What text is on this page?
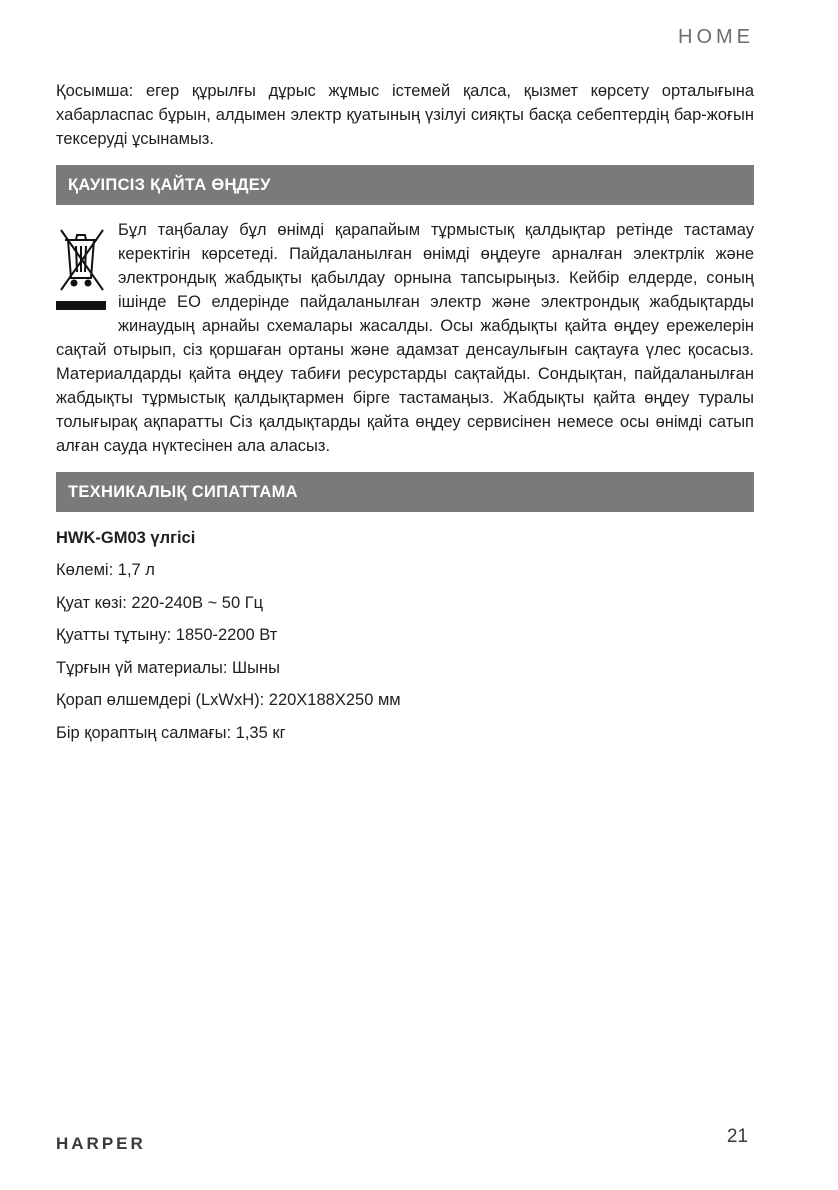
HOME

Қосымша: егер құрылғы дұрыс жұмыс істемей қалса, қызмет көрсету орталығына хабарласпас бұрын, алдымен электр қуатының үзілуі сияқты басқа себептердің бар-жоғын тексеруді ұсынамыз.

ҚАУІПСІЗ ҚАЙТА ӨҢДЕУ

Бұл таңбалау бұл өнімді қарапайым тұрмыстық қалдықтар ретінде тастамау керектігін көрсетеді. Пайдаланылған өнімді өңдеуге арналған электрлік және электрондық жабдықты қабылдау орнына тапсырыңыз. Кейбір елдерде, соның ішінде ЕО елдерінде пайдаланылған электр және электрондық жабдықтарды жинаудың арнайы схемалары жасалды. Осы жабдықты қайта өңдеу ережелерін сақтай отырып, сіз қоршаған ортаны және адамзат денсаулығын сақтауға үлес қосасыз. Материалдарды қайта өңдеу табиғи ресурстарды сақтайды. Сондықтан, пайдаланылған жабдықты тұрмыстық қалдықтармен бірге тастамаңыз. Жабдықты қайта өңдеу туралы толығырақ ақпаратты Сіз қалдықтарды қайта өңдеу сервисінен немесе осы өнімді сатып алған сауда нүктесінен ала аласыз.

ТЕХНИКАЛЫҚ СИПАТТАМА

HWK-GM03 үлгісі

Көлемі: 1,7 л

Қуат көзі: 220-240В ~ 50 Гц

Қуатты тұтыну: 1850-2200 Вт

Тұрғын үй материалы: Шыны

Қорап өлшемдері (LxWxH): 220X188X250 мм

Бір қораптың салмағы: 1,35 кг

HARPER	21
